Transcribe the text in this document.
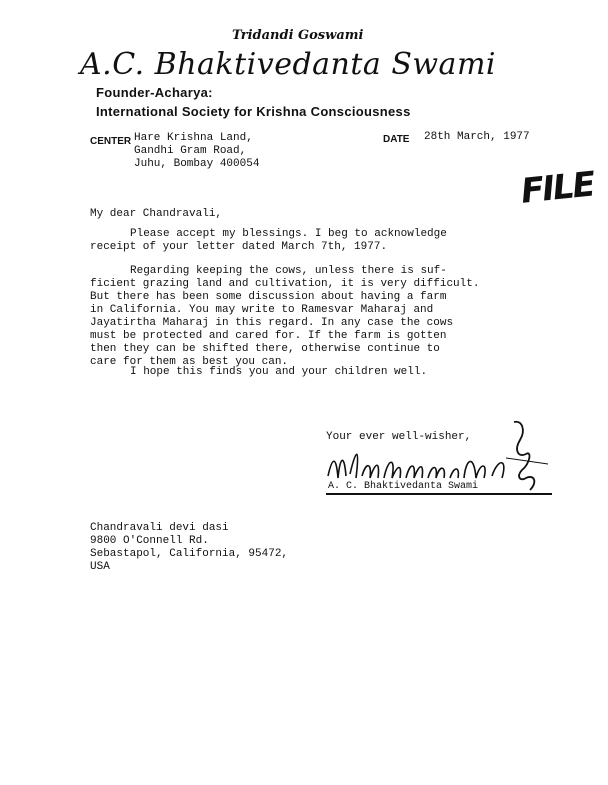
Tridandi Goswami
A.C. Bhaktivedanta Swami
Founder-Acharya:
International Society for Krishna Consciousness
CENTER Hare Krishna Land,
Gandhi Gram Road,
Juhu, Bombay 400054
DATE 28th March, 1977
FILE
My dear Chandravali,
Please accept my blessings. I beg to acknowledge
receipt of your letter dated March 7th, 1977.
Regarding keeping the cows, unless there is suf-
ficient grazing land and cultivation, it is very difficult.
But there has been some discussion about having a farm
in California. You may write to Ramesvar Maharaj and
Jayatirtha Maharaj in this regard. In any case the cows
must be protected and cared for. If the farm is gotten
then they can be shifted there, otherwise continue to
care for them as best you can.
I hope this finds you and your children well.
Your ever well-wisher,
A. C. Bhaktivedanta Swami
Chandravali devi dasi
9800 O'Connell Rd.
Sebastapol, California, 95472,
USA
